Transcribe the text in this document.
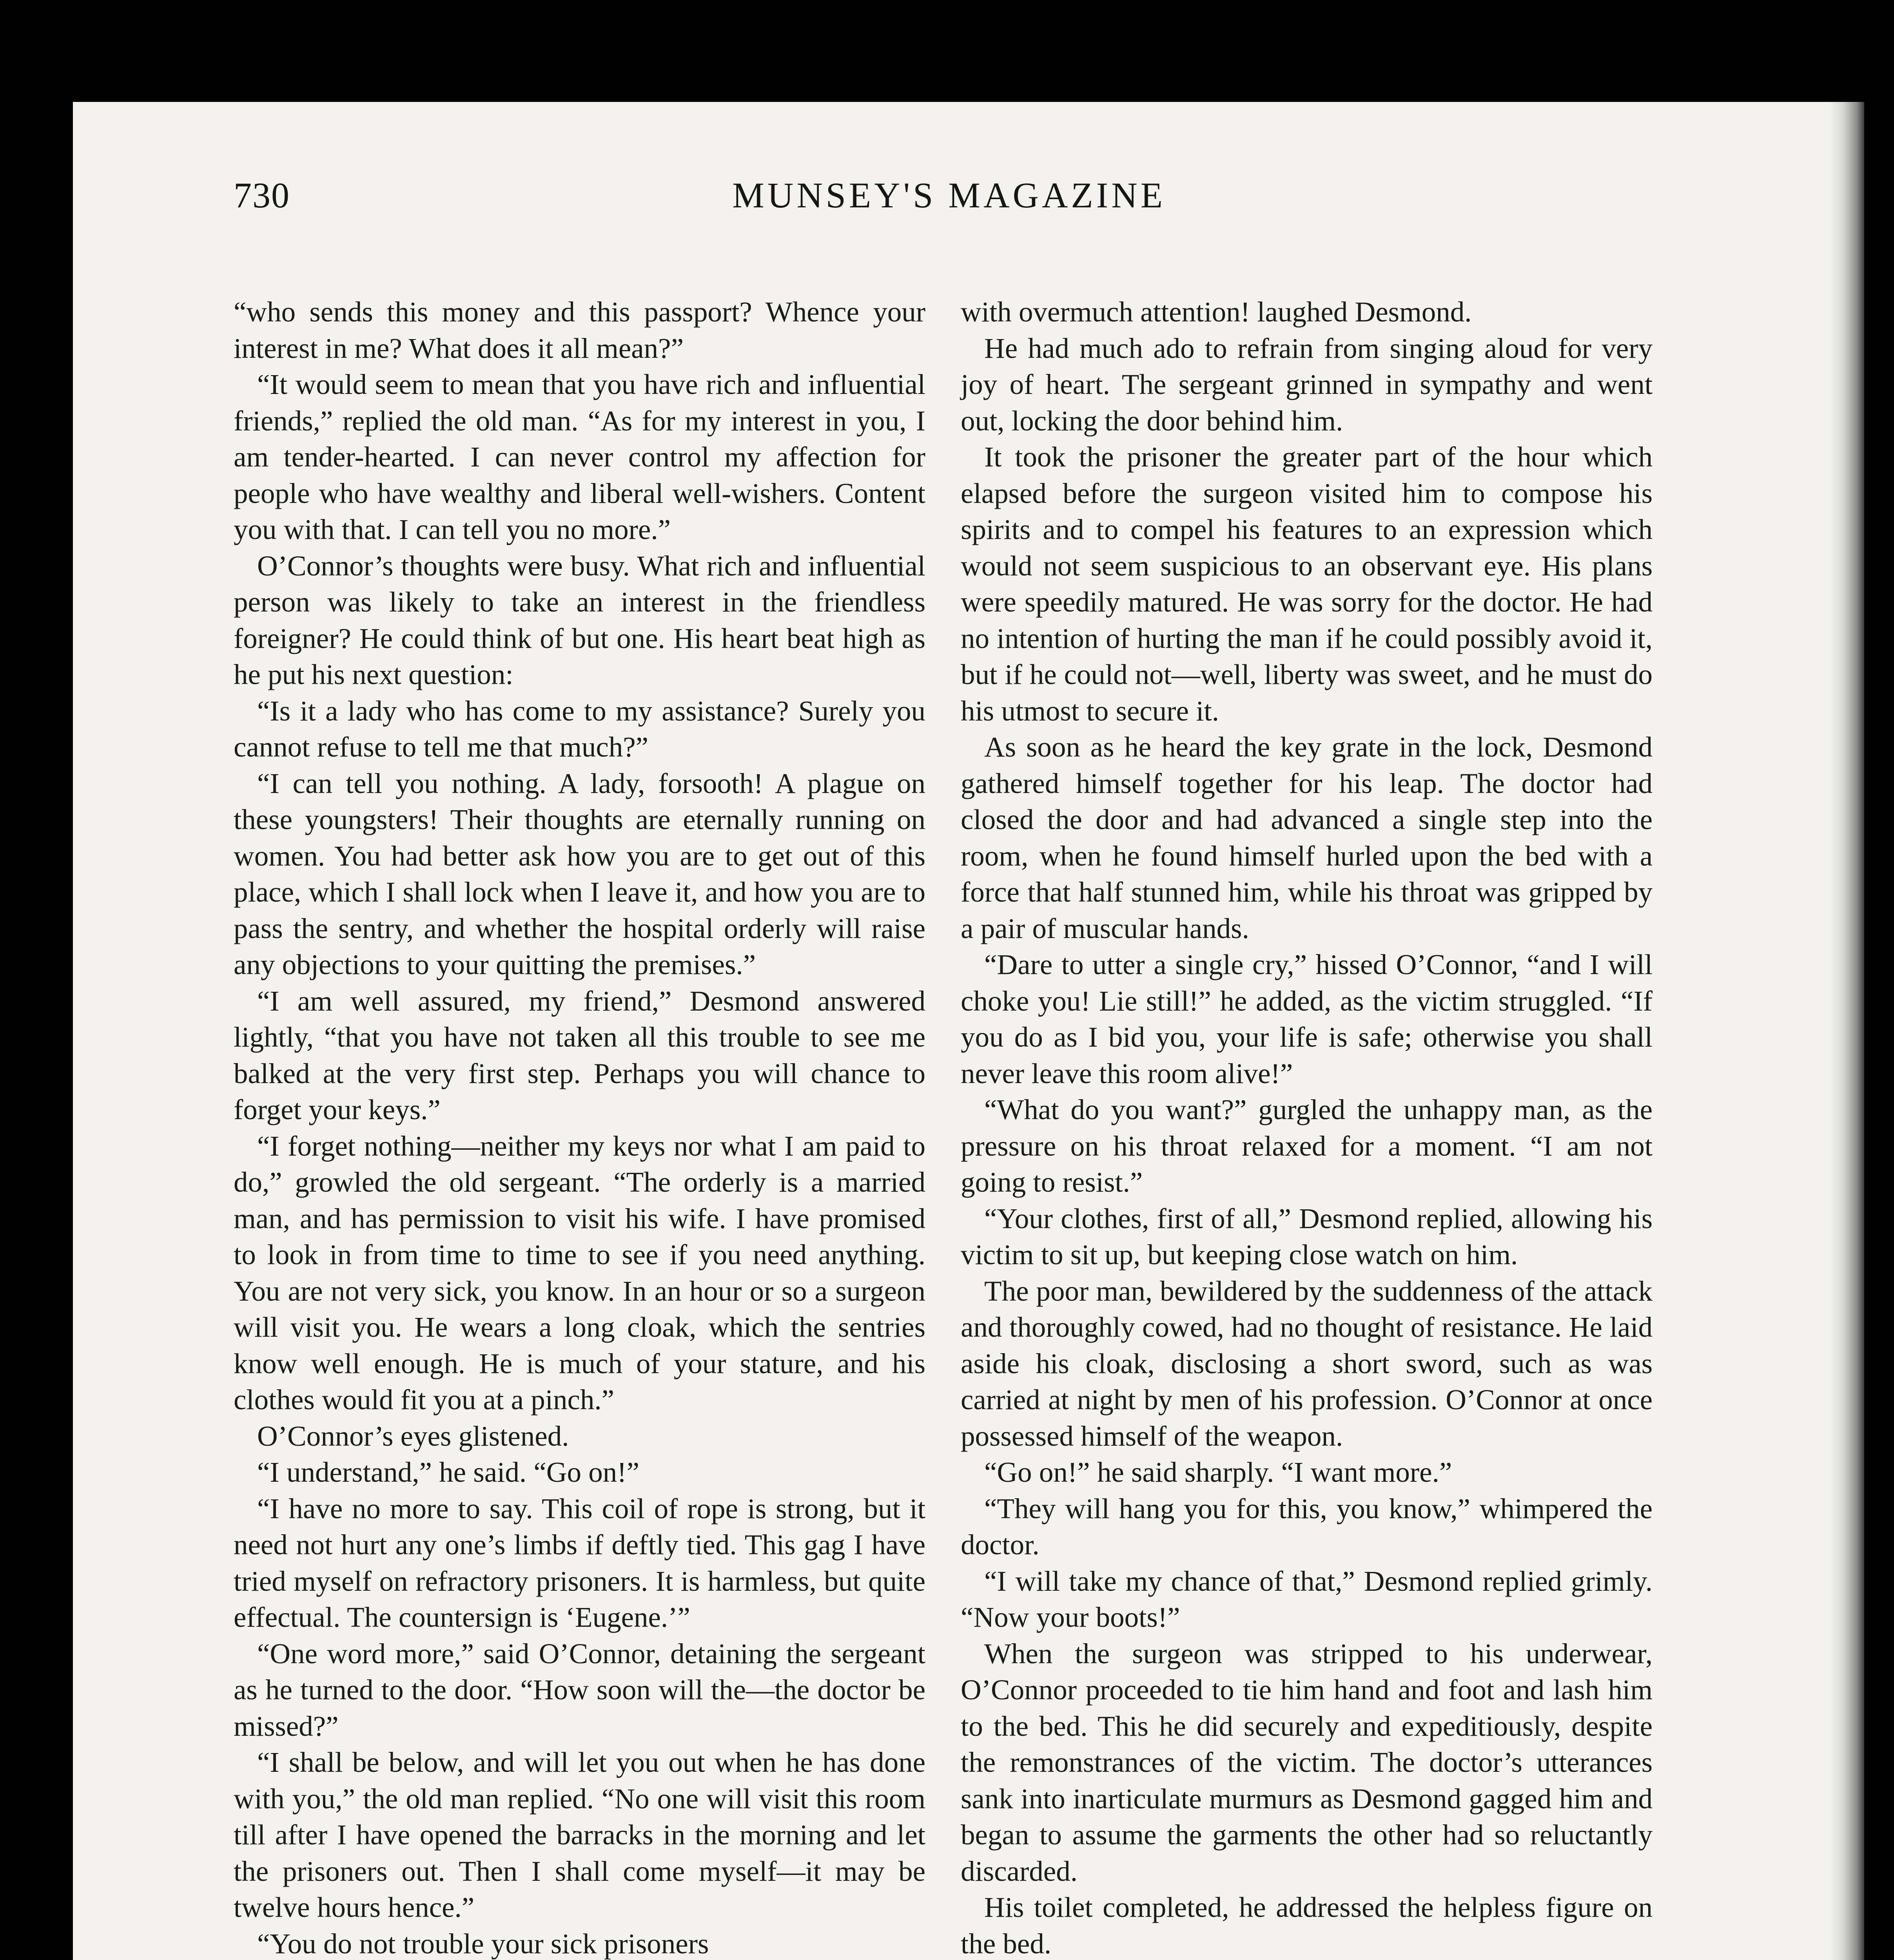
730	MUNSEY'S MAGAZINE

“who sends this money and this passport? Whence your interest in me? What does it all mean?”

“It would seem to mean that you have rich and influential friends,” replied the old man. “As for my interest in you, I am tender-hearted. I can never control my affection for people who have wealthy and liberal well-wishers. Content you with that. I can tell you no more.”

O’Connor’s thoughts were busy. What rich and influential person was likely to take an interest in the friendless foreigner? He could think of but one. His heart beat high as he put his next question:

“Is it a lady who has come to my assistance? Surely you cannot refuse to tell me that much?”

“I can tell you nothing. A lady, forsooth! A plague on these youngsters! Their thoughts are eternally running on women. You had better ask how you are to get out of this place, which I shall lock when I leave it, and how you are to pass the sentry, and whether the hospital orderly will raise any objections to your quitting the premises.”

“I am well assured, my friend,” Desmond answered lightly, “that you have not taken all this trouble to see me balked at the very first step. Perhaps you will chance to forget your keys.”

“I forget nothing—neither my keys nor what I am paid to do,” growled the old sergeant. “The orderly is a married man, and has permission to visit his wife. I have promised to look in from time to time to see if you need anything. You are not very sick, you know. In an hour or so a surgeon will visit you. He wears a long cloak, which the sentries know well enough. He is much of your stature, and his clothes would fit you at a pinch.”

O’Connor’s eyes glistened.

“I understand,” he said. “Go on!”

“I have no more to say. This coil of rope is strong, but it need not hurt any one’s limbs if deftly tied. This gag I have tried myself on refractory prisoners. It is harmless, but quite effectual. The countersign is ‘Eugene.’”

“One word more,” said O’Connor, detaining the sergeant as he turned to the door. “How soon will the—the doctor be missed?”

“I shall be below, and will let you out when he has done with you,” the old man replied. “No one will visit this room till after I have opened the barracks in the morning and let the prisoners out. Then I shall come myself—it may be twelve hours hence.”

“You do not trouble your sick prisoners

with overmuch attention! laughed Desmond.

He had much ado to refrain from singing aloud for very joy of heart. The sergeant grinned in sympathy and went out, locking the door behind him.

It took the prisoner the greater part of the hour which elapsed before the surgeon visited him to compose his spirits and to compel his features to an expression which would not seem suspicious to an observant eye. His plans were speedily matured. He was sorry for the doctor. He had no intention of hurting the man if he could possibly avoid it, but if he could not—well, liberty was sweet, and he must do his utmost to secure it.

As soon as he heard the key grate in the lock, Desmond gathered himself together for his leap. The doctor had closed the door and had advanced a single step into the room, when he found himself hurled upon the bed with a force that half stunned him, while his throat was gripped by a pair of muscular hands.

“Dare to utter a single cry,” hissed O’Connor, “and I will choke you! Lie still!” he added, as the victim struggled. “If you do as I bid you, your life is safe; otherwise you shall never leave this room alive!”

“What do you want?” gurgled the unhappy man, as the pressure on his throat relaxed for a moment. “I am not going to resist.”

“Your clothes, first of all,” Desmond replied, allowing his victim to sit up, but keeping close watch on him.

The poor man, bewildered by the suddenness of the attack and thoroughly cowed, had no thought of resistance. He laid aside his cloak, disclosing a short sword, such as was carried at night by men of his profession. O’Connor at once possessed himself of the weapon.

“Go on!” he said sharply. “I want more.”

“They will hang you for this, you know,” whimpered the doctor.

“I will take my chance of that,” Desmond replied grimly. “Now your boots!”

When the surgeon was stripped to his underwear, O’Connor proceeded to tie him hand and foot and lash him to the bed. This he did securely and expeditiously, despite the remonstrances of the victim. The doctor’s utterances sank into inarticulate murmurs as Desmond gagged him and began to assume the garments the other had so reluctantly discarded.

His toilet completed, he addressed the helpless figure on the bed.
